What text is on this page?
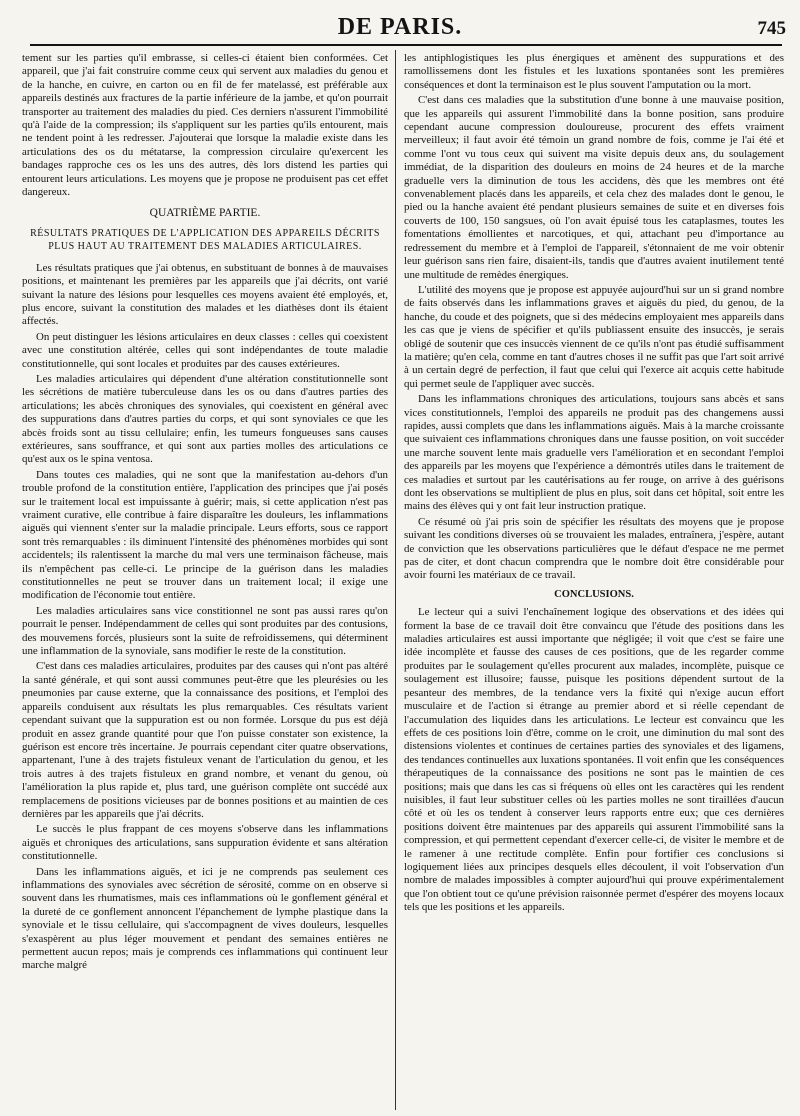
DE PARIS.	745

tement sur les parties qu'il embrasse, si celles-ci étaient bien conformées. Cet appareil, que j'ai fait construire comme ceux qui servent aux maladies du genou et de la hanche, en cuivre, en carton ou en fil de fer matelassé, est préférable aux appareils destinés aux fractures de la partie inférieure de la jambe, et qu'on pourrait transporter au traitement des maladies du pied. Ces derniers n'assurent l'immobilité qu'à l'aide de la compression; ils s'appliquent sur les parties qu'ils entourent, mais ne tendent point à les redresser. J'ajouterai que lorsque la maladie existe dans les articulations des os du métatarse, la compression circulaire qu'exercent les bandages rapproche ces os les uns des autres, dès lors distend les parties qui entourent leurs articulations. Les moyens que je propose ne produisent pas cet effet dangereux.

QUATRIÈME PARTIE.
RÉSULTATS PRATIQUES DE L'APPLICATION DES APPAREILS DÉCRITS PLUS HAUT AU TRAITEMENT DES MALADIES ARTICULAIRES.

Les résultats pratiques que j'ai obtenus, en substituant de bonnes à de mauvaises positions, et maintenant les premières par les appareils que j'ai décrits, ont varié suivant la nature des lésions pour lesquelles ces moyens avaient été employés, et, plus encore, suivant la constitution des malades et les diathèses dont ils étaient affectés.

On peut distinguer les lésions articulaires en deux classes : celles qui coexistent avec une constitution altérée, celles qui sont indépendantes de toute maladie constitutionnelle, qui sont locales et produites par des causes extérieures.

Les maladies articulaires qui dépendent d'une altération constitutionnelle sont les sécrétions de matière tuberculeuse dans les os ou dans d'autres parties des articulations; les abcès chroniques des synoviales, qui coexistent en général avec des suppurations dans d'autres parties du corps, et qui sont synoviales ce que les abcès froids sont au tissu cellulaire; enfin, les tumeurs fongueuses sans causes extérieures, sans souffrance, et qui sont aux parties molles des articulations ce qu'est aux os le spina ventosa.

Dans toutes ces maladies, qui ne sont que la manifestation au-dehors d'un trouble profond de la constitution entière, l'application des principes que j'ai posés sur le traitement local est impuissante à guérir; mais, si cette application n'est pas vraiment curative, elle contribue à faire disparaître les douleurs, les inflammations aiguës qui viennent s'enter sur la maladie principale. Leurs efforts, sous ce rapport sont très remarquables : ils diminuent l'intensité des phénomènes morbides qui sont accidentels; ils ralentissent la marche du mal vers une terminaison fâcheuse, mais ils n'empêchent pas celle-ci. Le principe de la guérison dans les maladies constitutionnelles ne peut se trouver dans un traitement local; il exige une modification de l'économie tout entière.

Les maladies articulaires sans vice constitionnel ne sont pas aussi rares qu'on pourrait le penser. Indépendamment de celles qui sont produites par des contusions, des mouvemens forcés, plusieurs sont la suite de refroidissemens, qui déterminent une inflammation de la synoviale, sans modifier le reste de la constitution.

C'est dans ces maladies articulaires, produites par des causes qui n'ont pas altéré la santé générale, et qui sont aussi communes peut-être que les pleurésies ou les pneumonies par cause externe, que la connaissance des positions, et l'emploi des appareils conduisent aux résultats les plus remarquables. Ces résultats varient cependant suivant que la suppuration est ou non formée. Lorsque du pus est déjà produit en assez grande quantité pour que l'on puisse constater son existence, la guérison est encore très incertaine. Je pourrais cependant citer quatre observations, appartenant, l'une à des trajets fistuleux venant de l'articulation du genou, et les trois autres à des trajets fistuleux en grand nombre, et venant du genou, où l'amélioration la plus rapide et, plus tard, une guérison complète ont succédé aux remplacemens de positions vicieuses par de bonnes positions et au maintien de ces dernières par les appareils que j'ai décrits.

Le succès le plus frappant de ces moyens s'observe dans les inflammations aiguës et chroniques des articulations, sans suppuration évidente et sans altération constitutionnelle.

Dans les inflammations aiguës, et ici je ne comprends pas seulement ces inflammations des synoviales avec sécrétion de sérosité, comme on en observe si souvent dans les rhumatismes, mais ces inflammations où le gonflement général et la dureté de ce gonflement annoncent l'épanchement de lymphe plastique dans la synoviale et le tissu cellulaire, qui s'accompagnent de vives douleurs, lesquelles s'exaspèrent au plus léger mouvement et pendant des semaines entières ne permettent aucun repos; mais je comprends ces inflammations qui continuent leur marche malgré

les antiphlogistiques les plus énergiques et amènent des suppurations et des ramollissemens dont les fistules et les luxations spontanées sont les premières conséquences et dont la terminaison est le plus souvent l'amputation ou la mort.

C'est dans ces maladies que la substitution d'une bonne à une mauvaise position, que les appareils qui assurent l'immobilité dans la bonne position, sans produire cependant aucune compression douloureuse, procurent des effets vraiment merveilleux; il faut avoir été témoin un grand nombre de fois, comme je l'ai été et comme l'ont vu tous ceux qui suivent ma visite depuis deux ans, du soulagement immédiat, de la disparition des douleurs en moins de 24 heures et de la marche graduelle vers la diminution de tous les accidens, dès que les membres ont été convenablement placés dans les appareils, et cela chez des malades dont le genou, le pied ou la hanche avaient été pendant plusieurs semaines de suite et en diverses fois couverts de 100, 150 sangsues, où l'on avait épuisé tous les cataplasmes, toutes les fomentations émollientes et narcotiques, et qui, attachant peu d'importance au redressement du membre et à l'emploi de l'appareil, s'étonnaient de me voir obtenir leur guérison sans rien faire, disaient-ils, tandis que d'autres avaient inutilement tenté une multitude de remèdes énergiques.

L'utilité des moyens que je propose est appuyée aujourd'hui sur un si grand nombre de faits observés dans les inflammations graves et aiguës du pied, du genou, de la hanche, du coude et des poignets, que si des médecins employaient mes appareils dans les cas que je viens de spécifier et qu'ils publiassent ensuite des insuccès, je serais obligé de soutenir que ces insuccès viennent de ce qu'ils n'ont pas étudié suffisamment la matière; qu'en cela, comme en tant d'autres choses il ne suffit pas que l'art soit arrivé à un certain degré de perfection, il faut que celui qui l'exerce ait acquis cette habitude qui permet seule de l'appliquer avec succès.

Dans les inflammations chroniques des articulations, toujours sans abcès et sans vices constitutionnels, l'emploi des appareils ne produit pas des changemens aussi rapides, aussi complets que dans les inflammations aiguës. Mais à la marche croissante que suivaient ces inflammations chroniques dans une fausse position, on voit succéder une marche souvent lente mais graduelle vers l'amélioration et en secondant l'emploi des appareils par les moyens que l'expérience a démontrés utiles dans le traitement de ces maladies et surtout par les cautérisations au fer rouge, on arrive à des guérisons dont les observations se multiplient de plus en plus, soit dans cet hôpital, soit entre les mains des élèves qui y ont fait leur instruction pratique.

Ce résumé où j'ai pris soin de spécifier les résultats des moyens que je propose suivant les conditions diverses où se trouvaient les malades, entraînera, j'espère, autant de conviction que les observations particulières que le défaut d'espace ne me permet pas de citer, et dont chacun comprendra que le nombre doit être considérable pour avoir fourni les matériaux de ce travail.

CONCLUSIONS.

Le lecteur qui a suivi l'enchaînement logique des observations et des idées qui forment la base de ce travail doit être convaincu que l'étude des positions dans les maladies articulaires est aussi importante que négligée; il voit que c'est se faire une idée incomplète et fausse des causes de ces positions, que de les regarder comme produites par le soulagement qu'elles procurent aux malades, incomplète, puisque ce soulagement est illusoire; fausse, puisque les positions dépendent surtout de la pesanteur des membres, de la tendance vers la fixité qui n'exige aucun effort musculaire et de l'action si étrange au premier abord et si réelle cependant de l'accumulation des liquides dans les articulations. Le lecteur est convaincu que les effets de ces positions loin d'être, comme on le croit, une diminution du mal sont des distensions violentes et continues de certaines parties des synoviales et des ligamens, des tendances continuelles aux luxations spontanées. Il voit enfin que les conséquences thérapeutiques de la connaissance des positions ne sont pas le maintien de ces positions; mais que dans les cas si fréquens où elles ont les caractères qui les rendent nuisibles, il faut leur substituer celles où les parties molles ne sont tiraillées d'aucun côté et où les os tendent à conserver leurs rapports entre eux; que ces dernières positions doivent être maintenues par des appareils qui assurent l'immobilité sans la compression, et qui permettent cependant d'exercer celle-ci, de visiter le membre et de le ramener à une rectitude complète. Enfin pour fortifier ces conclusions si logiquement liées aux principes desquels elles découlent, il voit l'observation d'un nombre de malades impossibles à compter aujourd'hui qui prouve expérimentalement que l'on obtient tout ce qu'une prévision raisonnée permet d'espérer des moyens locaux tels que les positions et les appareils.
